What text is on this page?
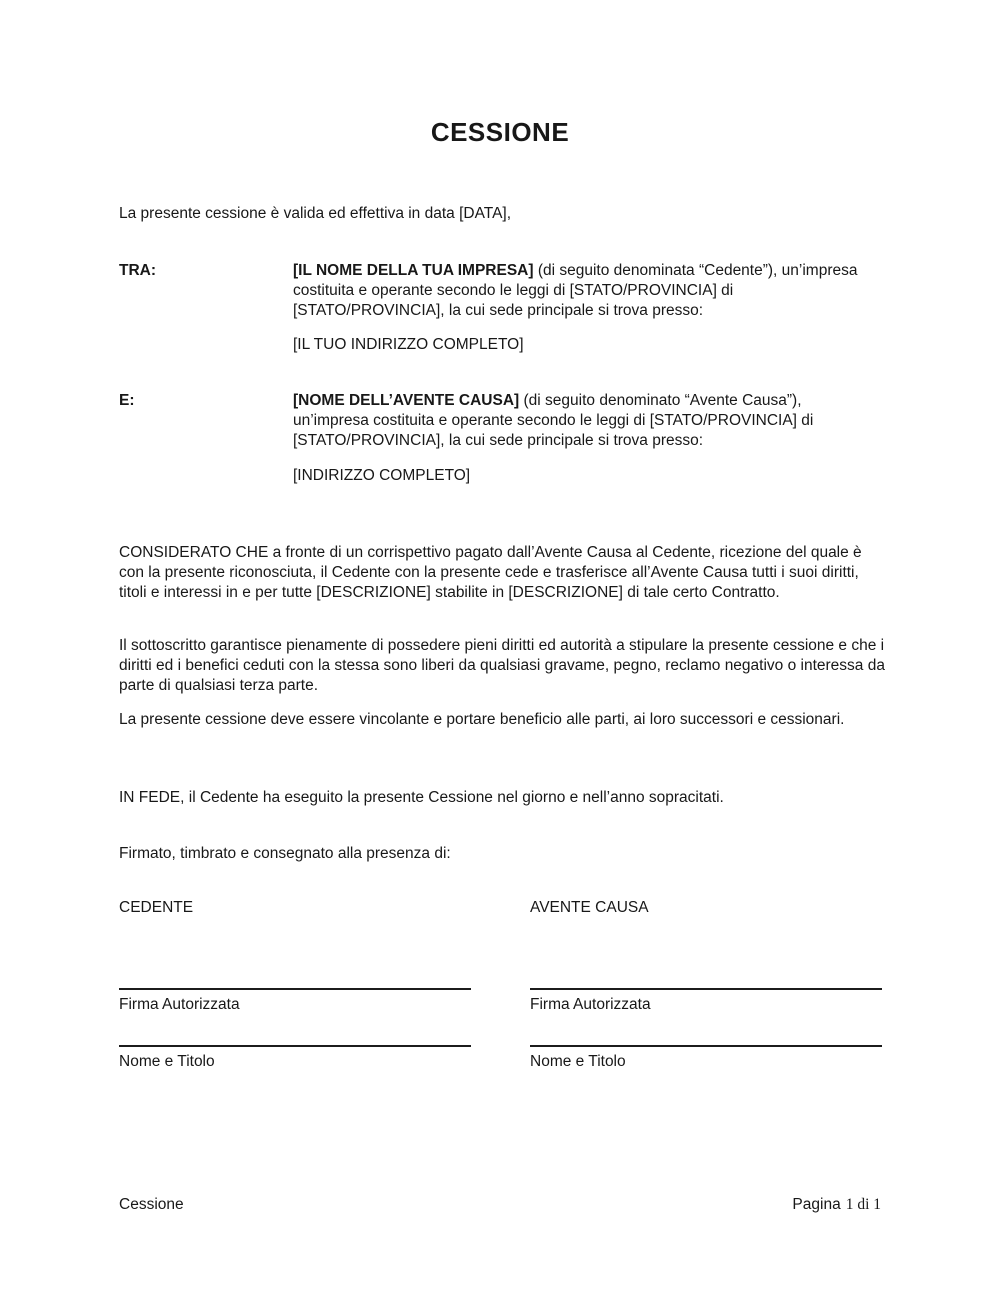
CESSIONE

La presente cessione è valida ed effettiva in data [DATA],

TRA:	[IL NOME DELLA TUA IMPRESA] (di seguito denominata “Cedente”), un’impresa costituita e operante secondo le leggi di [STATO/PROVINCIA] di [STATO/PROVINCIA], la cui sede principale si trova presso:

[IL TUO INDIRIZZO COMPLETO]

E:	[NOME DELL’AVENTE CAUSA] (di seguito denominato “Avente Causa”), un’impresa costituita e operante secondo le leggi di [STATO/PROVINCIA] di [STATO/PROVINCIA], la cui sede principale si trova presso:

[INDIRIZZO COMPLETO]

CONSIDERATO CHE a fronte di un corrispettivo pagato dall’Avente Causa al Cedente, ricezione del quale è con la presente riconosciuta, il Cedente con la presente cede e trasferisce all’Avente Causa tutti i suoi diritti, titoli e interessi in e per tutte [DESCRIZIONE] stabilite in [DESCRIZIONE] di tale certo Contratto.

Il sottoscritto garantisce pienamente di possedere pieni diritti ed autorità a stipulare la presente cessione e che i diritti ed i benefici ceduti con la stessa sono liberi da qualsiasi gravame, pegno, reclamo negativo o interessa da parte di qualsiasi terza parte.

La presente cessione deve essere vincolante e portare beneficio alle parti, ai loro successori e cessionari.

IN FEDE, il Cedente ha eseguito la presente Cessione nel giorno e nell’anno sopracitati.

Firmato, timbrato e consegnato alla presenza di:

CEDENTE

Firma Autorizzata

Nome e Titolo

AVENTE CAUSA

Firma Autorizzata

Nome e Titolo

Cessione	Pagina 1 di 1
